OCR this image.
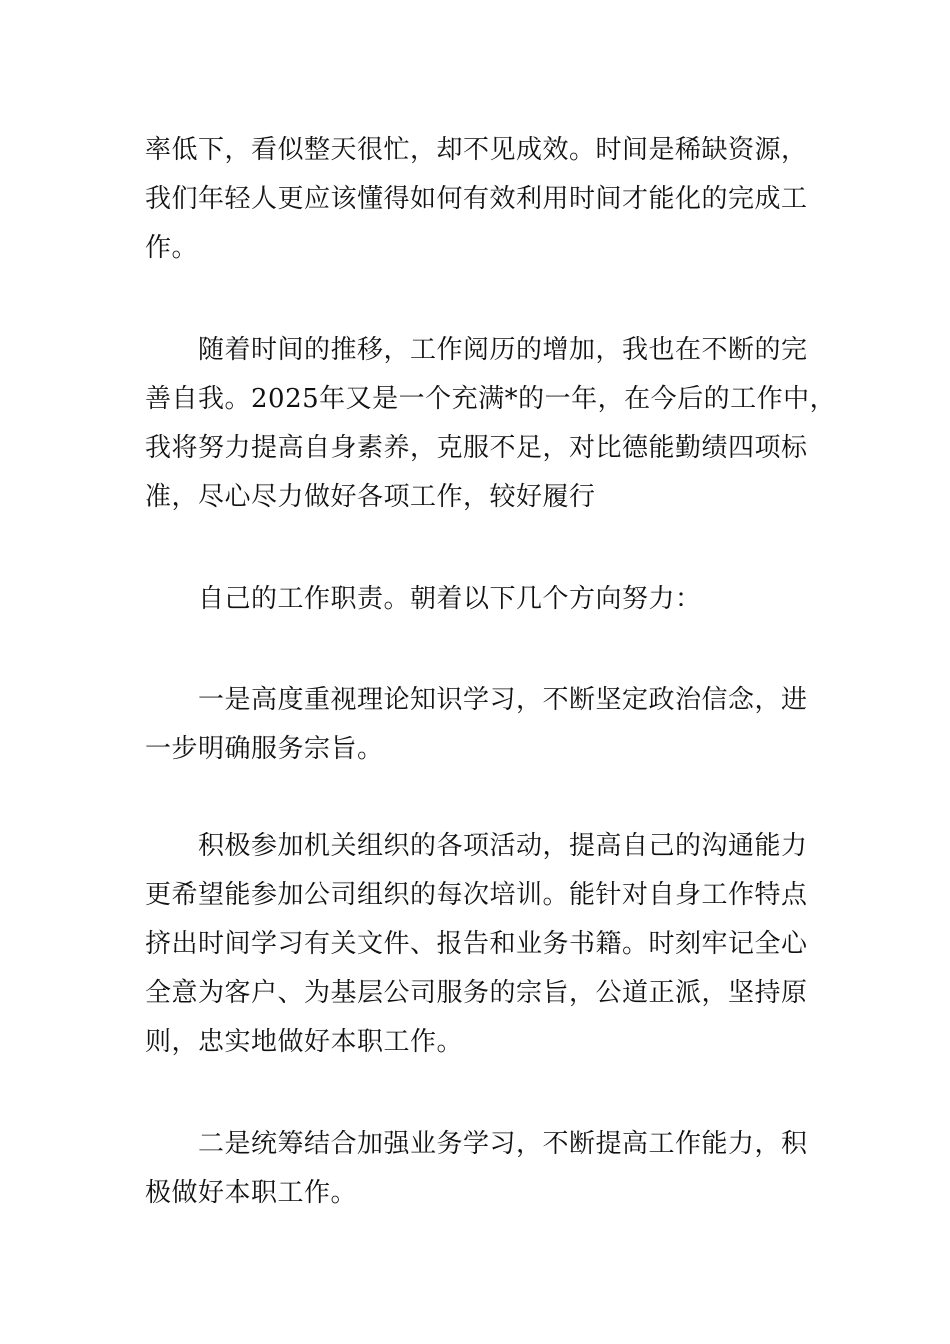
率低下，看似整天很忙，却不见成效。时间是稀缺资源，
我们年轻人更应该懂得如何有效利用时间才能化的完成工
作。
随着时间的推移，工作阅历的增加，我也在不断的完
善自我。2025年又是一个充满*的一年，在今后的工作中，
我将努力提高自身素养，克服不足，对比德能勤绩四项标
准，尽心尽力做好各项工作，较好履行
自己的工作职责。朝着以下几个方向努力：
一是高度重视理论知识学习，不断坚定政治信念，进
一步明确服务宗旨。
积极参加机关组织的各项活动，提高自己的沟通能力
更希望能参加公司组织的每次培训。能针对自身工作特点
挤出时间学习有关文件、报告和业务书籍。时刻牢记全心
全意为客户、为基层公司服务的宗旨，公道正派，坚持原
则，忠实地做好本职工作。
二是统筹结合加强业务学习，不断提高工作能力，积
极做好本职工作。
